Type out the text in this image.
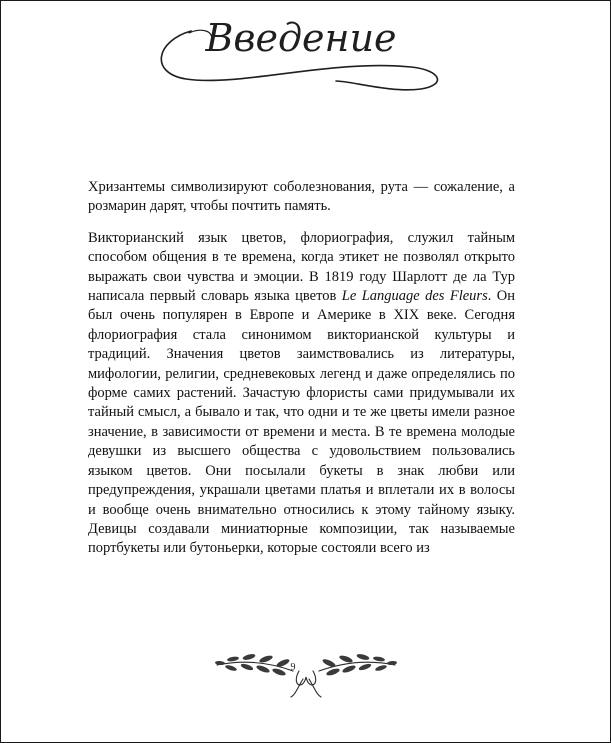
Введение

Хризантемы символизируют соболезнования, рута — сожаление, а розмарин дарят, чтобы почтить память.

Викторианский язык цветов, флориография, служил тайным способом общения в те времена, когда этикет не позволял открыто выражать свои чувства и эмоции. В 1819 году Шарлотт де ла Тур написала первый словарь языка цветов Le Language des Fleurs. Он был очень популярен в Европе и Америке в XIX веке. Сегодня флориография стала синонимом викторианской культуры и традиций. Значения цветов заимствовались из литературы, мифологии, религии, средневековых легенд и даже определялись по форме самих растений. Зачастую флористы сами придумывали их тайный смысл, а бывало и так, что одни и те же цветы имели разное значение, в зависимости от времени и места. В те времена молодые девушки из высшего общества с удовольствием пользовались языком цветов. Они посылали букеты в знак любви или предупреждения, украшали цветами платья и вплетали их в волосы и вообще очень внимательно относились к этому тайному языку. Девицы создавали миниатюрные композиции, так называемые портбукеты или бутоньерки, которые состояли всего из

9
